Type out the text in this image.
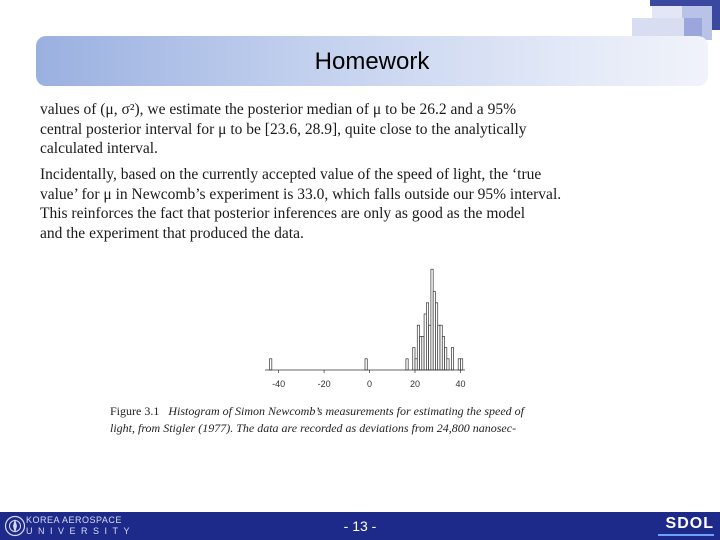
Homework
values of (μ, σ²), we estimate the posterior median of μ to be 26.2 and a 95%
central posterior interval for μ to be [23.6, 28.9], quite close to the analytically
calculated interval.
Incidentally, based on the currently accepted value of the speed of light, the ‘true
value’ for μ in Newcomb’s experiment is 33.0, which falls outside our 95% interval.
This reinforces the fact that posterior inferences are only as good as the model
and the experiment that produced the data.
-40	-20	0	20	40
Figure 3.1 Histogram of Simon Newcomb’s measurements for estimating the speed of
light, from Stigler (1977). The data are recorded as deviations from 24,800 nanosec-
KOREA AEROSPACE
UNIVERSITY	- 13 -	SDOL
